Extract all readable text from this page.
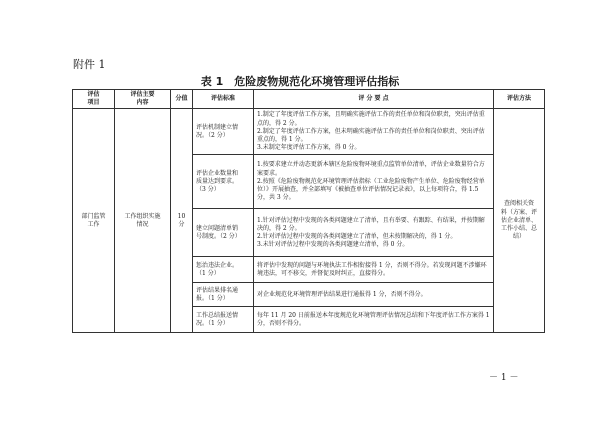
附件 1
表 1　危险废物规范化环境管理评估指标
评估
项目	评估主要
内容	分值	评估标准	评 分 要 点	评估方法

部门监管
工作	工作组织实施
情况	10 分	评估机制建立情
况。（2 分）	1.制定了年度评估工作方案，且明确实施评估工作的责任单位和岗位职责，突出评估重点的，得 2 分。
2.制定了年度评估工作方案，但未明确实施评估工作的责任单位和岗位职责、突出评估重点的，得 1 分。
3.未制定年度评估工作方案，得 0 分。	查阅相关资
料（方案、评
估企业清单、
工作小结、总
结）

			评估企业数量和
质量达到要求。
（3 分）	1.按要求建立并动态更新本辖区危险废物环境重点监管单位清单，评估企业数量符合方案要求。
2.按照《危险废物规范化环境管理评估指标（工业危险废物产生单位、危险废物经营单位）》开展抽查，并全部填写《被抽查单位评估情况记录表》，以上每项符合，得 1.5 分，共 3 分。	

			建立问题清单销
号制度。（2 分）	1.针对评估过程中发现的各类问题建立了清单，且有举要、有跟踪、有结果，并按期解决的，得 2 分。
2.针对评估过程中发现的各类问题建立了清单，但未按期解决的，得 1 分。
3.未针对评估过程中发现的各类问题建立清单，得 0 分。	

			惩治违法企业。
（1 分）	将评估中发现的问题与环境执法工作相衔接得 1 分，否则不得分。若发现问题不涉嫌环境违法，可不移交，并督促及时纠正，直接得分。	

			评估结果排名通
报。（1 分）	对企业规范化环境管理评估结果进行通报得 1 分，否则不得分。	

			工作总结报送情
况。（1 分）	每年 11 月 20 日前报送本年度规范化环境管理评估情况总结和下年度评估工作方案得 1 分，否则不得分。	
－ 1 －
